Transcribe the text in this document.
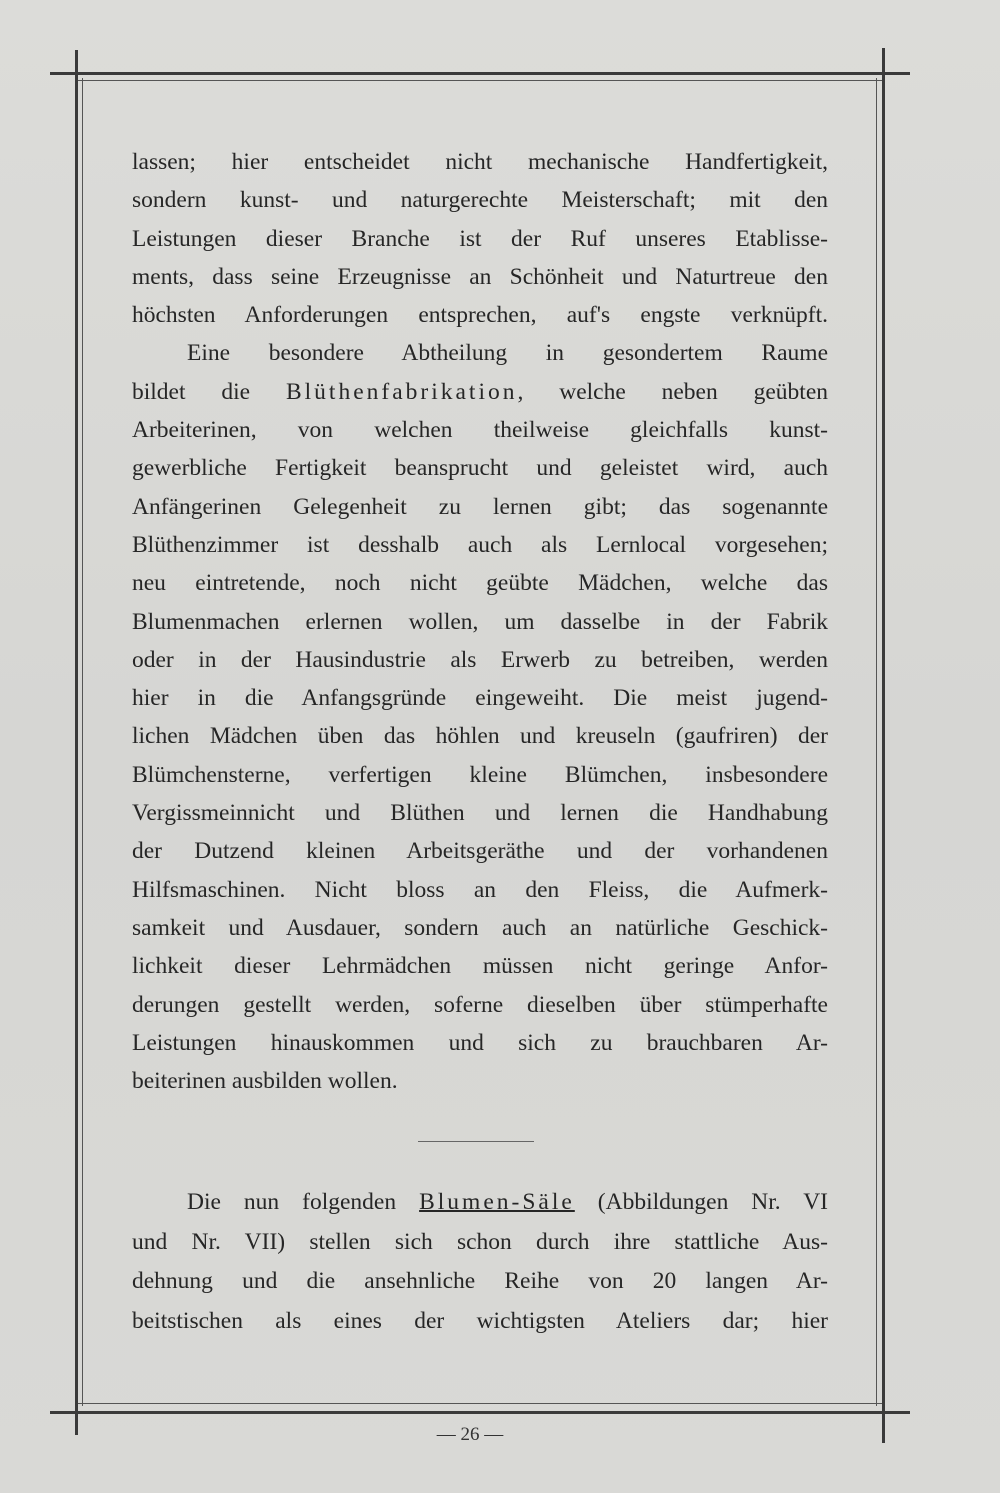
lassen; hier entscheidet nicht mechanische Handfertigkeit,
sondern kunst- und naturgerechte Meisterschaft; mit den
Leistungen dieser Branche ist der Ruf unseres Etablisse-
ments, dass seine Erzeugnisse an Schönheit und Naturtreue den
höchsten Anforderungen entsprechen, auf's engste verknüpft.
Eine besondere Abtheilung in gesondertem Raume
bildet die Blüthenfabrikation, welche neben geübten
Arbeiterinen, von welchen theilweise gleichfalls kunst-
gewerbliche Fertigkeit beansprucht und geleistet wird, auch
Anfängerinen Gelegenheit zu lernen gibt; das sogenannte
Blüthenzimmer ist desshalb auch als Lernlocal vorgesehen;
neu eintretende, noch nicht geübte Mädchen, welche das
Blumenmachen erlernen wollen, um dasselbe in der Fabrik
oder in der Hausindustrie als Erwerb zu betreiben, werden
hier in die Anfangsgründe eingeweiht. Die meist jugend-
lichen Mädchen üben das höhlen und kreuseln (gaufriren) der
Blümchensterne, verfertigen kleine Blümchen, insbesondere
Vergissmeinnicht und Blüthen und lernen die Handhabung
der Dutzend kleinen Arbeitsgeräthe und der vorhandenen
Hilfsmaschinen. Nicht bloss an den Fleiss, die Aufmerk-
samkeit und Ausdauer, sondern auch an natürliche Geschick-
lichkeit dieser Lehrmädchen müssen nicht geringe Anfor-
derungen gestellt werden, soferne dieselben über stümperhafte
Leistungen hinauskommen und sich zu brauchbaren Ar-
beiterinen ausbilden wollen.
Die nun folgenden Blumen-Säle (Abbildungen Nr. VI
und Nr. VII) stellen sich schon durch ihre stattliche Aus-
dehnung und die ansehnliche Reihe von 20 langen Ar-
beitstischen als eines der wichtigsten Ateliers dar; hier
— 26 —
